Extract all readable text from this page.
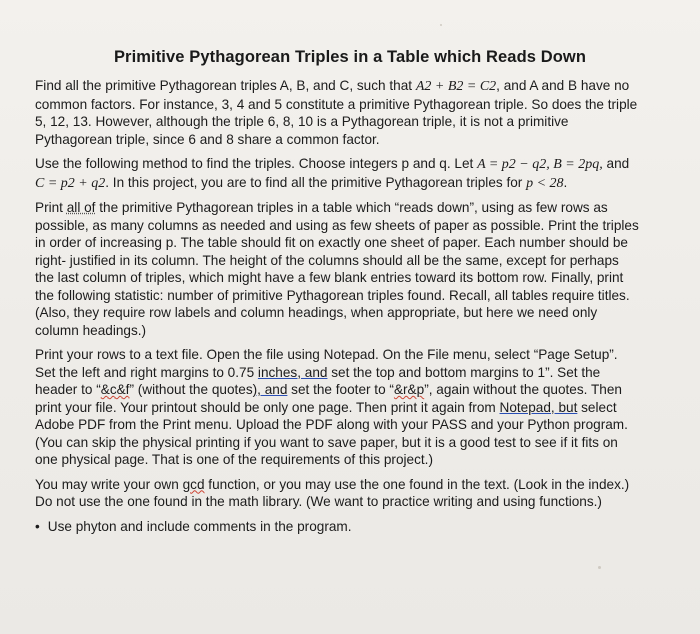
Primitive Pythagorean Triples in a Table which Reads Down
Find all the primitive Pythagorean triples A, B, and C, such that A2 + B2 = C2, and A and B have no
common factors. For instance, 3, 4 and 5 constitute a primitive Pythagorean triple. So does the triple
5, 12, 13. However, although the triple 6, 8, 10 is a Pythagorean triple, it is not a primitive
Pythagorean triple, since 6 and 8 share a common factor.
Use the following method to find the triples. Choose integers p and q. Let A = p2 − q2, B = 2pq, and
C = p2 + q2. In this project, you are to find all the primitive Pythagorean triples for p < 28.
Print all of the primitive Pythagorean triples in a table which “reads down”, using as few rows as
possible, as many columns as needed and using as few sheets of paper as possible. Print the triples
in order of increasing p. The table should fit on exactly one sheet of paper. Each number should be
right- justified in its column. The height of the columns should all be the same, except for perhaps
the last column of triples, which might have a few blank entries toward its bottom row. Finally, print
the following statistic: number of primitive Pythagorean triples found. Recall, all tables require titles.
(Also, they require row labels and column headings, when appropriate, but here we need only
column headings.)
Print your rows to a text file. Open the file using Notepad. On the File menu, select “Page Setup”.
Set the left and right margins to 0.75 inches, and set the top and bottom margins to 1”. Set the
header to “&c&f” (without the quotes), and set the footer to “&r&p”, again without the quotes. Then
print your file. Your printout should be only one page. Then print it again from Notepad, but select
Adobe PDF from the Print menu. Upload the PDF along with your PASS and your Python program.
(You can skip the physical printing if you want to save paper, but it is a good test to see if it fits on
one physical page. That is one of the requirements of this project.)
You may write your own gcd function, or you may use the one found in the text. (Look in the index.)
Do not use the one found in the math library. (We want to practice writing and using functions.)
• Use phyton and include comments in the program.
